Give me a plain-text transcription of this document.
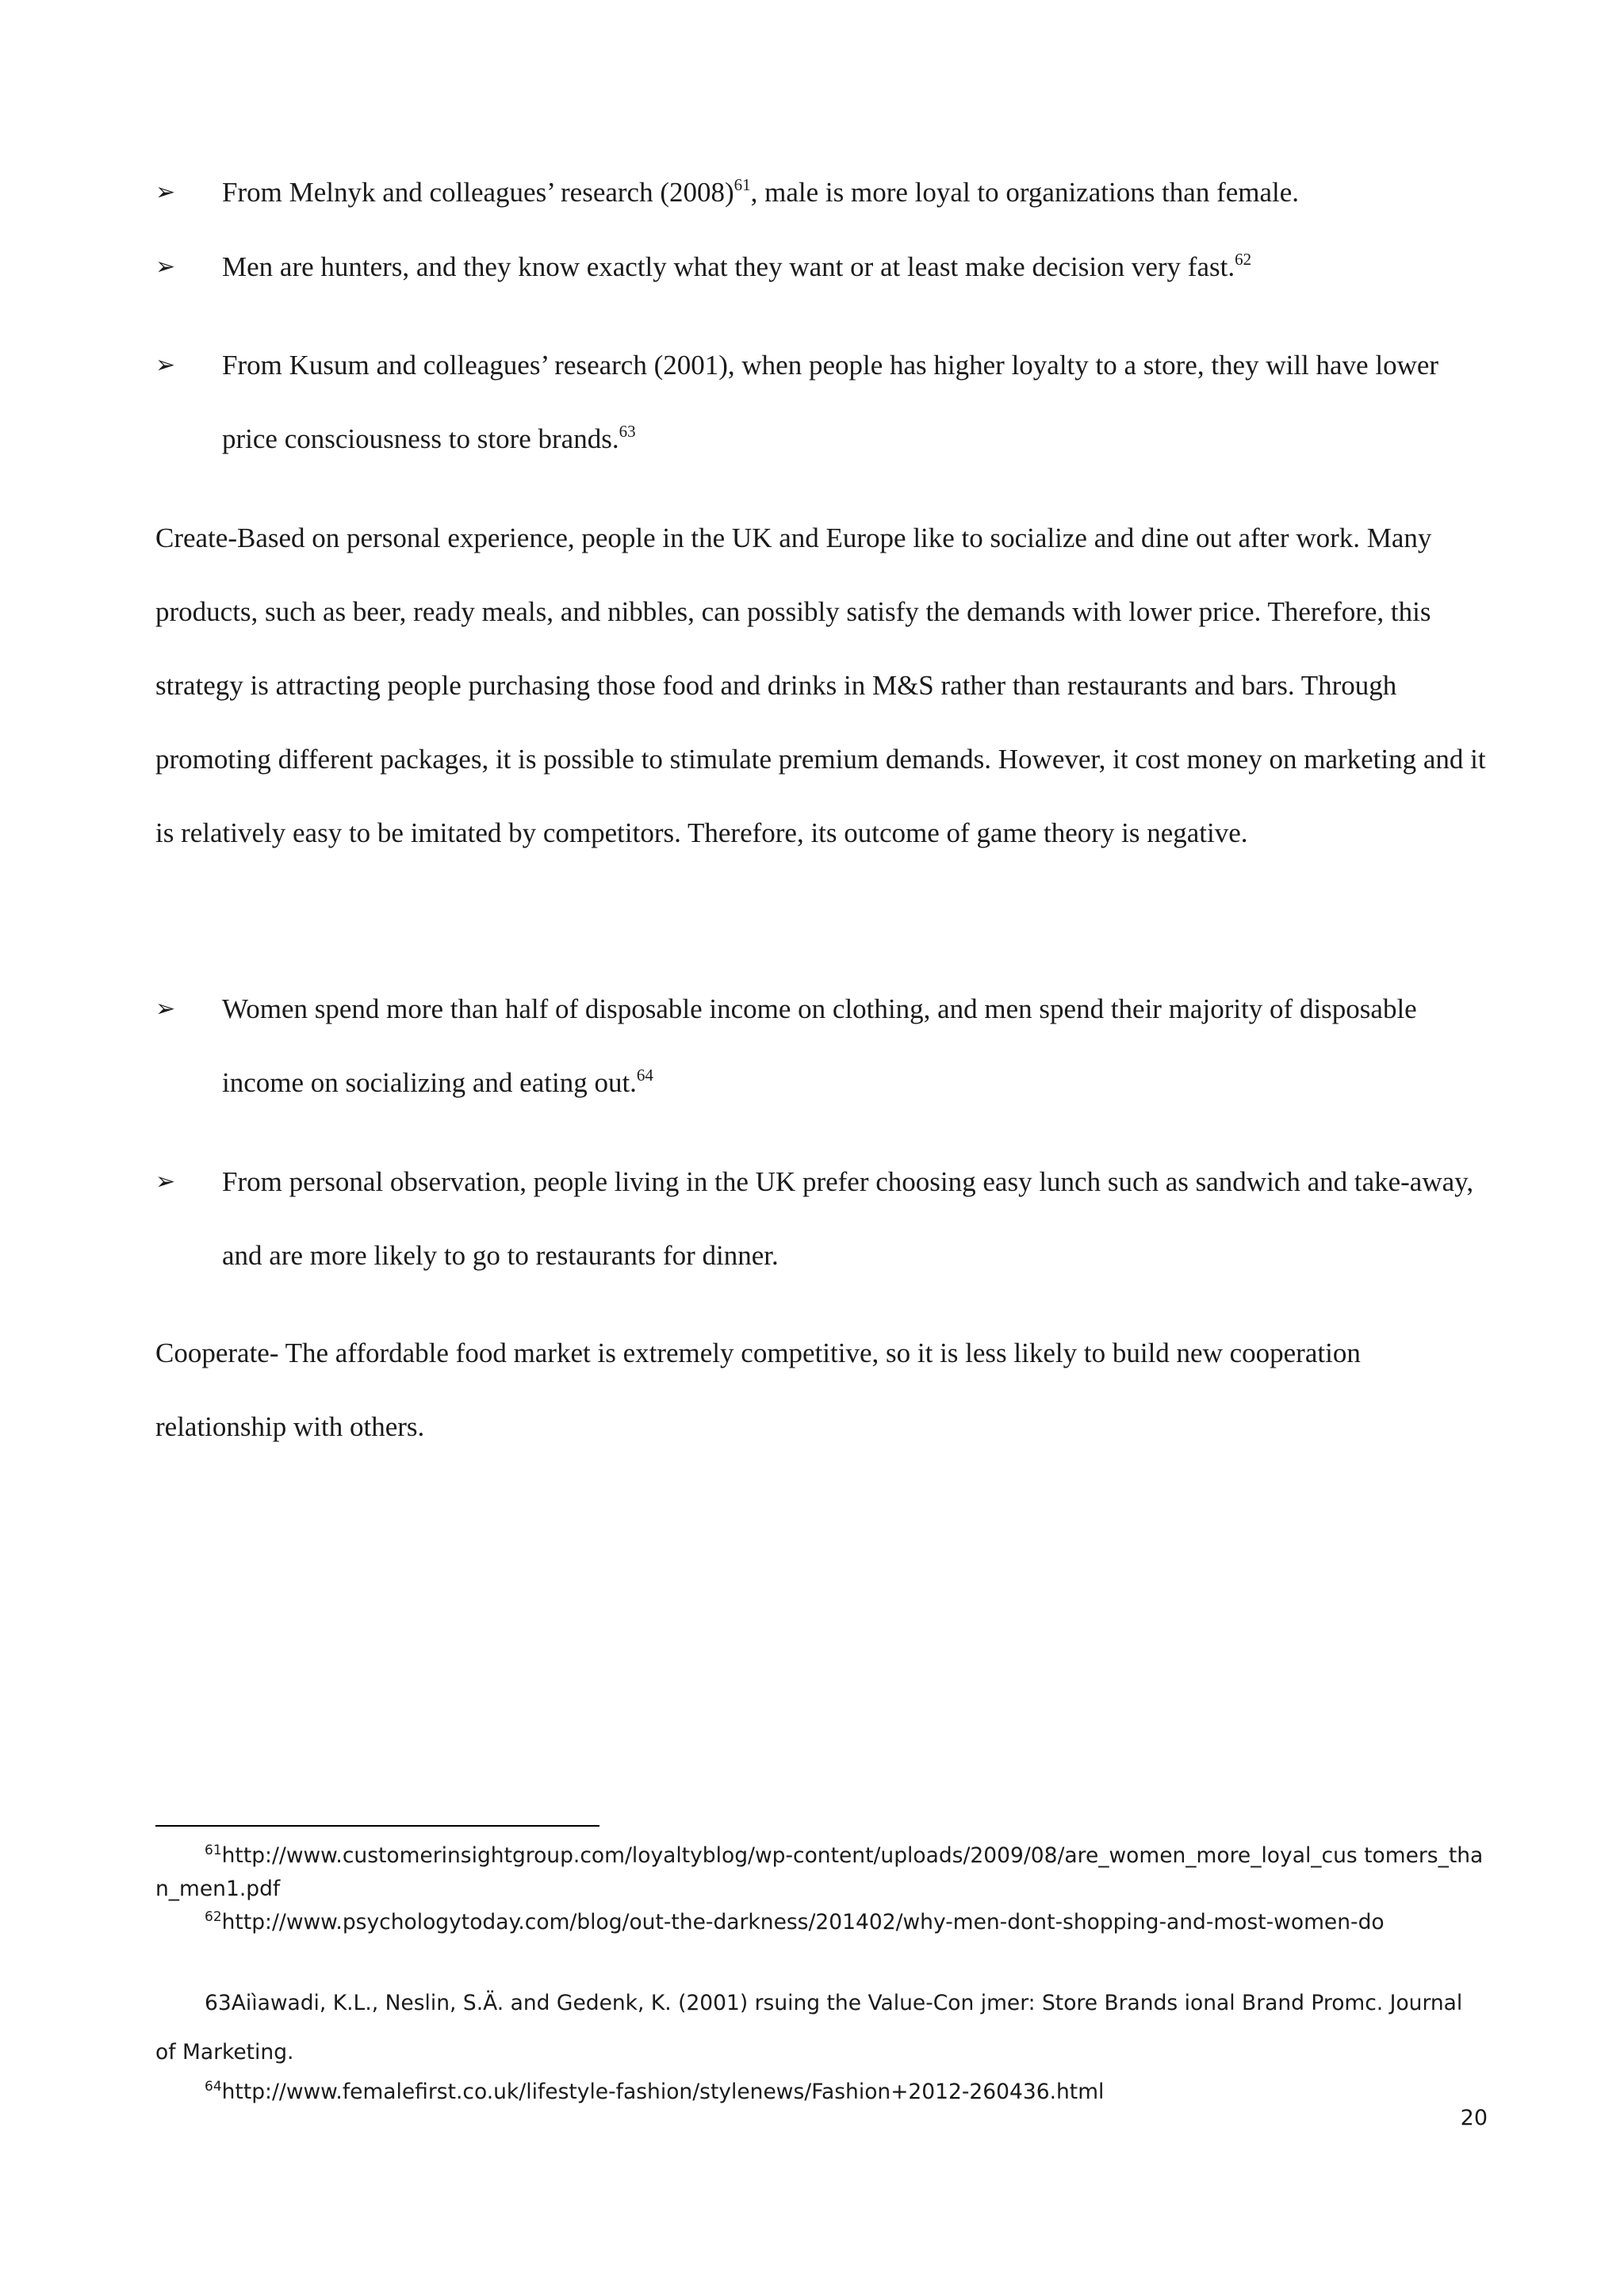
➢ From Melnyk and colleagues’ research $(2008)^{61}$, male is more loyal to organizations than female.
➢ Men are hunters, and they know exactly what they want or at least make decision very fast.$^{62}$
➢ From Kusum and colleagues’ research (2001), when people has higher loyalty to a store, they will have lower price consciousness to store brands.$^{63}$
Create-Based on personal experience, people in the UK and Europe like to socialize and dine out after work. Many products, such as beer, ready meals, and nibbles, can possibly satisfy the demands with lower price. Therefore, this strategy is attracting people purchasing those food and drinks in M&S rather than restaurants and bars. Through promoting different packages, it is possible to stimulate premium demands. However, it cost money on marketing and it is relatively easy to be imitated by competitors. Therefore, its outcome of game theory is negative.
➢ Women spend more than half of disposable income on clothing, and men spend their majority of disposable income on socializing and eating out.$^{64}$
➢ From personal observation, people living in the UK prefer choosing easy lunch such as sandwich and take-away, and are more likely to go to restaurants for dinner.
Cooperate- The affordable food market is extremely competitive, so it is less likely to build new cooperation relationship with others.
$^{61}$http://www.customerinsightgroup.com/loyaltyblog/wp-content/uploads/2009/08/are_women_more_loyal_cus tomers_than_men1.pdf
$^{62}$http://www.psychologytoday.com/blog/out-the-darkness/201402/why-men-dont-shopping-and-most-women-do
63Aiìawadi, K.L., Neslin, S.Ä. and Gedenk, K. (2001) rsuing the Value-Con jmer: Store Brands ional Brand Promc. Journal of Marketing.
$^{64}$http://www.femalefirst.co.uk/lifestyle-fashion/stylenews/Fashion+2012-260436.html
20
